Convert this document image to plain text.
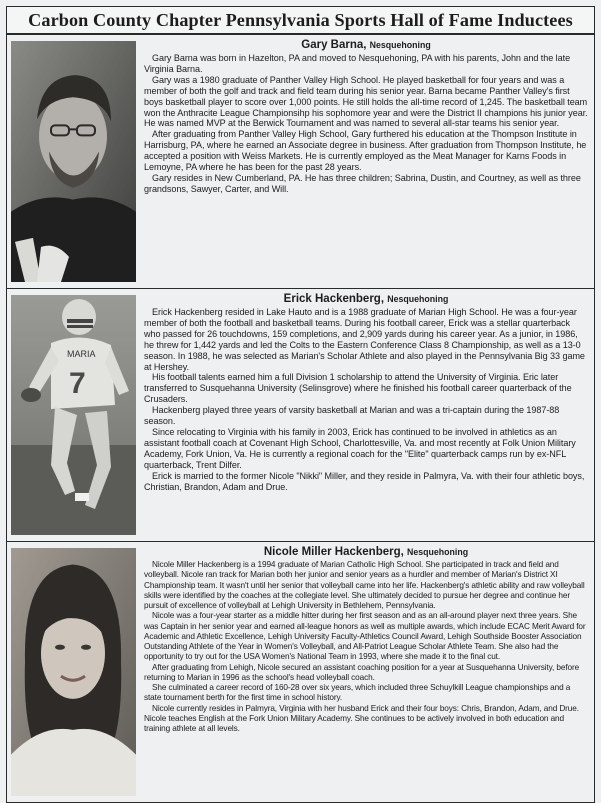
Carbon County Chapter Pennsylvania Sports Hall of Fame Inductees
Gary Barna, Nesquehoning

Gary Barna was born in Hazelton, PA and moved to Nesquehoning, PA with his parents, John and the late Virginia Barna.

Gary was a 1980 graduate of Panther Valley High School. He played basketball for four years and was a member of both the golf and track and field team during his senior year. Barna became Panther Valley's first boys basketball player to score over 1,000 points. He still holds the all-time record of 1,245. The basketball team won the Anthracite League Championsihp his sophomore year and were the District II champions his junior year. He was named MVP at the Berwick Tournament and was named to several all-star teams his senior year.

After graduating from Panther Valley High School, Gary furthered his education at the Thompson Institute in Harrisburg, PA, where he earned an Associate degree in business. After graduation from Thompson Institute, he accepted a position with Weiss Markets. He is currently employed as the Meat Manager for Karns Foods in Lemoyne, PA where he has been for the past 28 years.

Gary resides in New Cumberland, PA. He has three children; Sabrina, Dustin, and Courtney, as well as three grandsons, Sawyer, Carter, and Will.

MARIA
7
Erick Hackenberg, Nesquehoning

Erick Hackenberg resided in Lake Hauto and is a 1988 graduate of Marian High School. He was a four-year member of both the football and basketball teams. During his football career, Erick was a stellar quarterback who passed for 26 touchdowns, 159 completions, and 2,909 yards during his career year. As a junior, in 1986, he threw for 1,442 yards and led the Colts to the Eastern Conference Class 8 Championship, as well as a 13-0 season. In 1988, he was selected as Marian's Scholar Athlete and also played in the Pennsylvania Big 33 game at Hershey.

His football talents earned him a full Division 1 scholarship to attend the University of Virginia. Eric later transferred to Susquehanna University (Selinsgrove) where he finished his football career quarterback of the Crusaders.

Hackenberg played three years of varsity basketball at Marian and was a tri-captain during the 1987-88 season.

Since relocating to Virginia with his family in 2003, Erick has continued to be involved in athletics as an assistant football coach at Covenant High School, Charlottesville, Va. and most recently at Folk Union Military Academy, Fork Union, Va. He is currently a regional coach for the "Elite" quarterback camps run by ex-NFL quarterback, Trent Dilfer.

Erick is married to the former Nicole "Nikki" Miller, and they reside in Palmyra, Va. with their four athletic boys, Christian, Brandon, Adam and Drue.

Nicole Miller Hackenberg, Nesquehoning

Nicole Miller Hackenberg is a 1994 graduate of Marian Catholic High School. She participated in track and field and volleyball. Nicole ran track for Marian both her junior and senior years as a hurdler and member of Marian's District XI Championship team. It wasn't until her senior that volleyball came into her life. Hackenberg's athletic ability and raw volleyball skills were identified by the coaches at the collegiate level. She ultimately decided to pursue her degree and continue her pursuit of excellence of volleyball at Lehigh University in Bethlehem, Pennsylvania.

Nicole was a four-year starter as a middle hitter during her first season and as an all-around player next three years. She was Captain in her senior year and earned all-league honors as well as multiple awards, which include ECAC Merit Award for Academic and Athletic Excellence, Lehigh University Faculty-Athletics Council Award, Lehigh Southside Booster Association Outstanding Athlete of the Year in Women's Volleyball, and All-Patriot League Scholar Athlete Team. She also had the opportunity to try out for the USA Women's National Team in 1993, where she made it to the final cut.

After graduating from Lehigh, Nicole secured an assistant coaching position for a year at Susquehanna University, before returning to Marian in 1996 as the school's head volleyball coach.

She culminated a career record of 160-28 over six years, which included three Schuylkill League championships and a state tournament berth for the first time in school history.

Nicole currently resides in Palmyra, Virginia with her husband Erick and their four boys: Chris, Brandon, Adam, and Drue. Nicole teaches English at the Fork Union Military Academy. She continues to be actively involved in both education and training athlete at all levels.
